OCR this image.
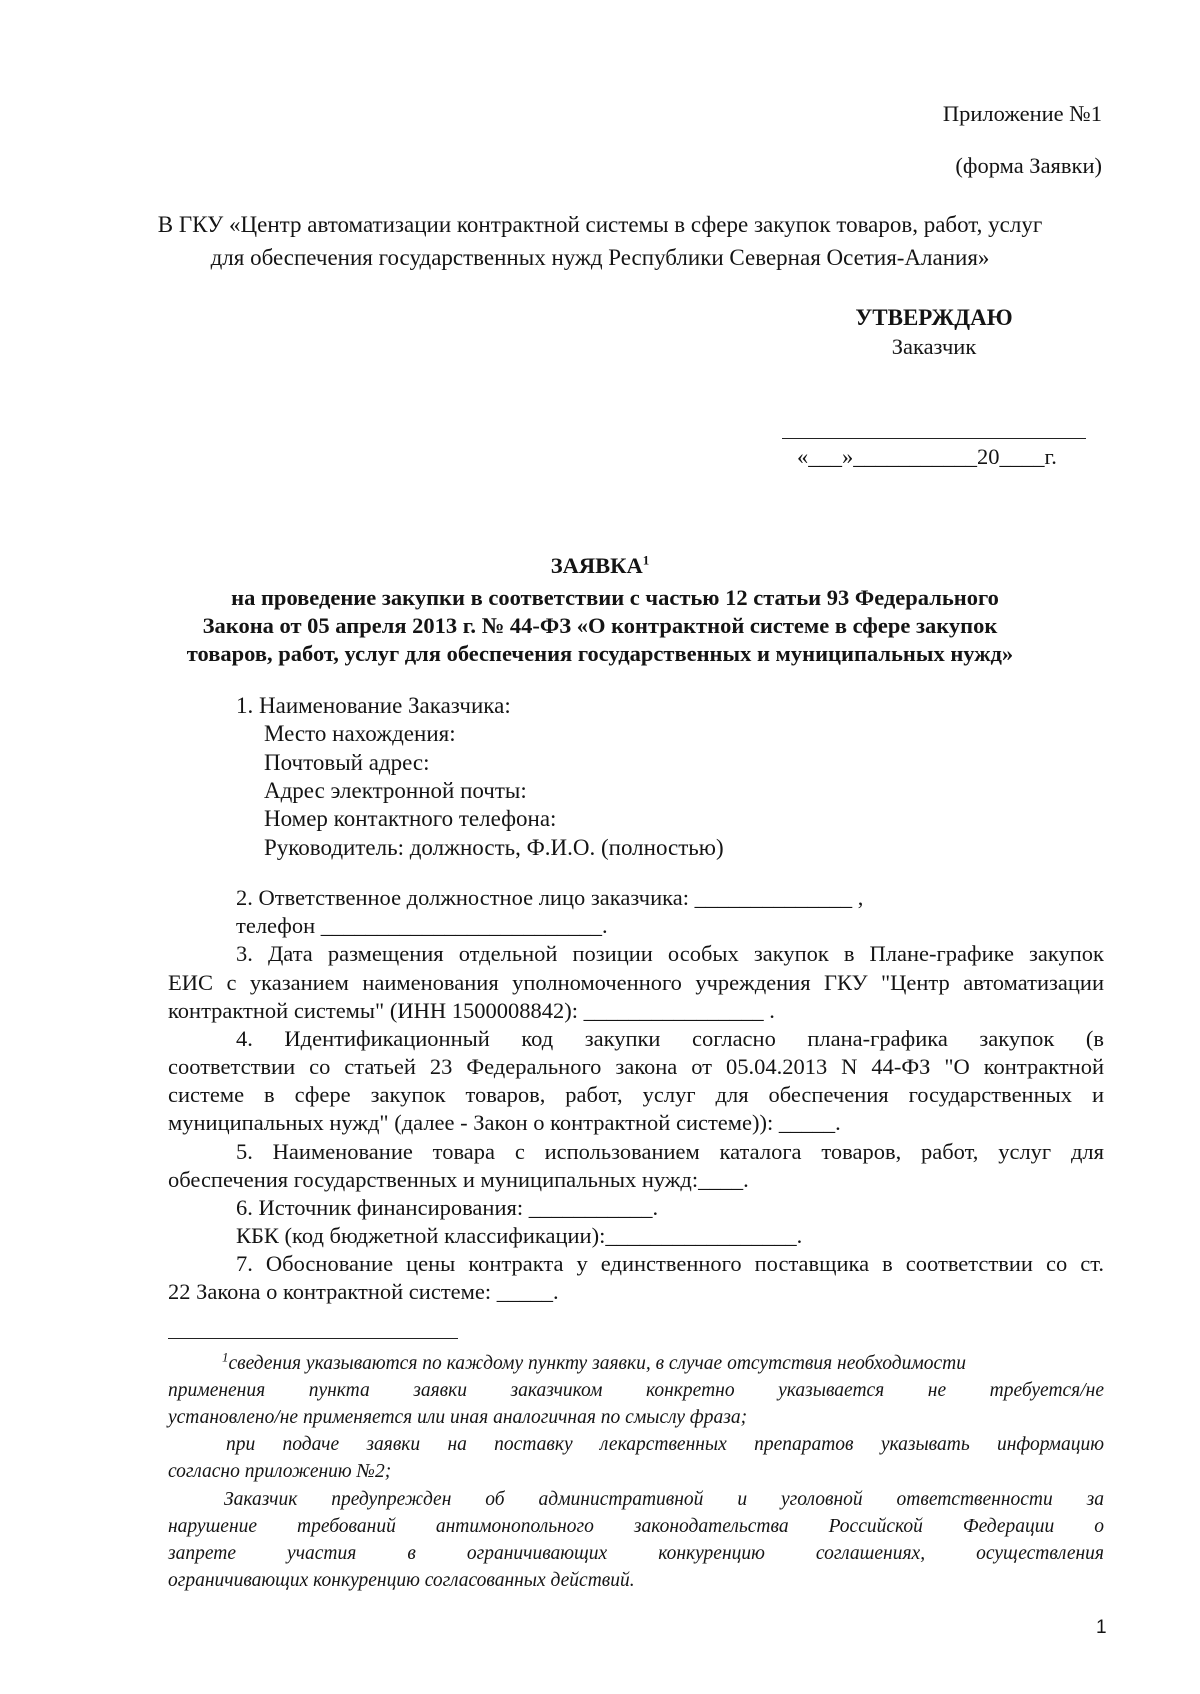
Приложение №1
(форма Заявки)
В ГКУ «Центр автоматизации контрактной системы в сфере закупок товаров, работ, услуг
для обеспечения государственных нужд Республики Северная Осетия-Алания»
УТВЕРЖДАЮ
Заказчик
«___»___________20____г.
ЗАЯВКА$^1$
на проведение закупки в соответствии с частью 12 статьи 93 Федерального
Закона от 05 апреля 2013 г. № 44-ФЗ «О контрактной системе в сфере закупок
товаров, работ, услуг для обеспечения государственных и муниципальных нужд»
1. Наименование Заказчика:
Место нахождения:
Почтовый адрес:
Адрес электронной почты:
Номер контактного телефона:
Руководитель: должность, Ф.И.О. (полностью)
2. Ответственное должностное лицо заказчика: ______________ ,
телефон _________________________.
3. Дата размещения отдельной позиции особых закупок в Плане-графике закупок
ЕИС с указанием наименования уполномоченного учреждения ГКУ "Центр автоматизации
контрактной системы" (ИНН 1500008842): ________________ .
4. Идентификационный код закупки согласно плана-графика закупок (в
соответствии со статьей 23 Федерального закона от 05.04.2013 N 44-ФЗ "О контрактной
системе в сфере закупок товаров, работ, услуг для обеспечения государственных и
муниципальных нужд" (далее - Закон о контрактной системе)): _____.
5. Наименование товара с использованием каталога товаров, работ, услуг для
обеспечения государственных и муниципальных нужд:____.
6. Источник финансирования: ___________.
КБК (код бюджетной классификации):_________________.
7. Обоснование цены контракта у единственного поставщика в соответствии со ст.
22 Закона о контрактной системе: _____.
$^1$сведения указываются по каждому пункту заявки, в случае отсутствия необходимости
применения пункта заявки заказчиком конкретно указывается не требуется/не
установлено/не применяется или иная аналогичная по смыслу фраза;
при подаче заявки на поставку лекарственных препаратов указывать информацию
согласно приложению №2;
Заказчик предупрежден об административной и уголовной ответственности за
нарушение требований антимонопольного законодательства Российской Федерации о
запрете участия в ограничивающих конкуренцию соглашениях, осуществления
ограничивающих конкуренцию согласованных действий.
1
